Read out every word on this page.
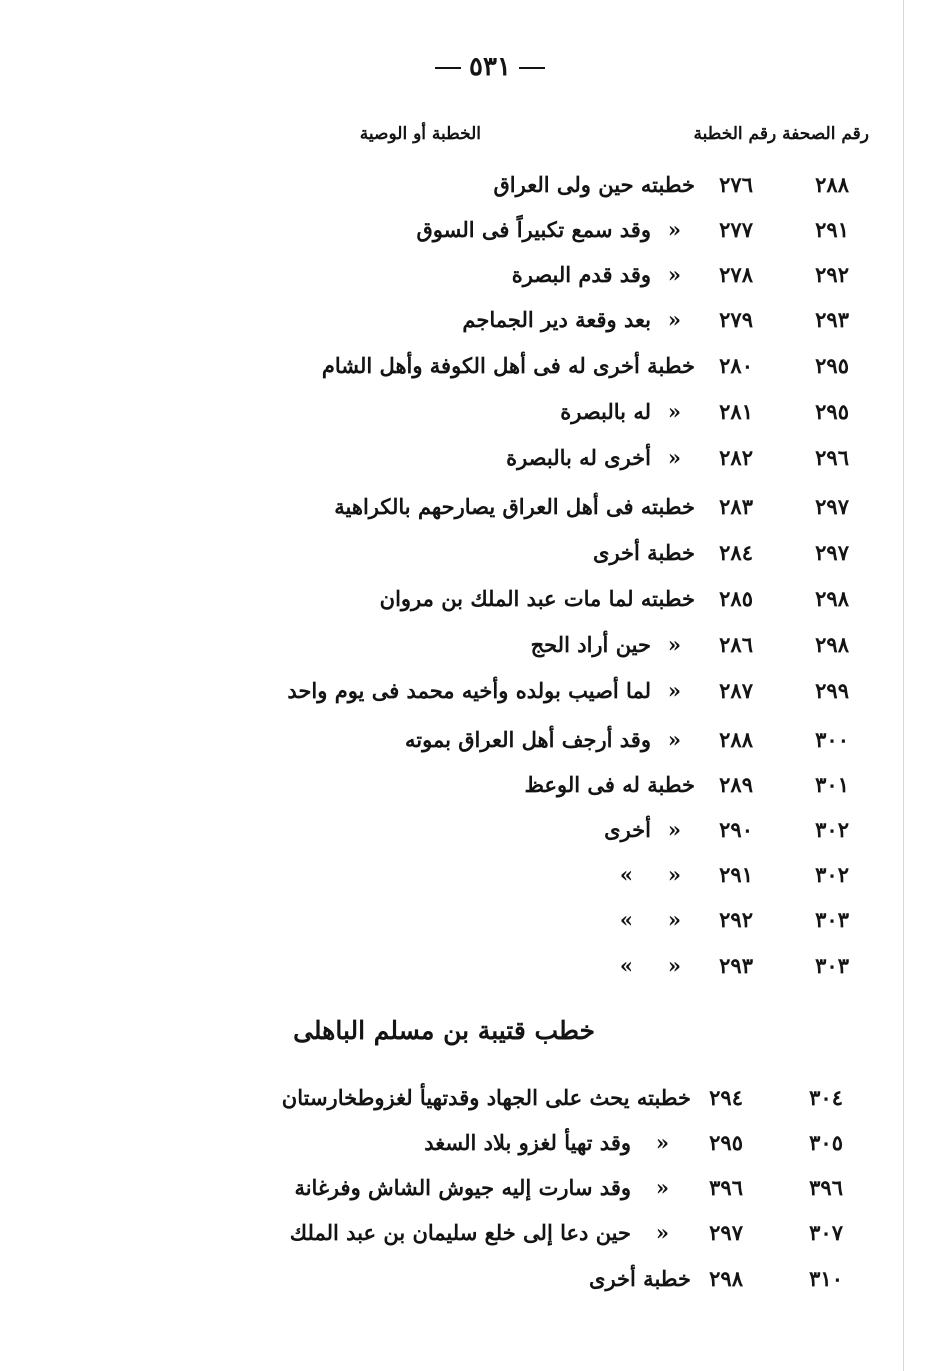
٥٣١
رقم الصحفة رقم الخطبة
الخطبة أو الوصية
٢٨٨
٢٧٦
خطبته حين ولى العراق
٢٩١
٢٧٧
«
وقد سمع تكبيراً فى السوق
٢٩٢
٢٧٨
«
وقد قدم البصرة
٢٩٣
٢٧٩
«
بعد وقعة دير الجماجم
٢٩٥
٢٨٠
خطبة أخرى له فى أهل الكوفة وأهل الشام
٢٩٥
٢٨١
«
له بالبصرة
٢٩٦
٢٨٢
«
أخرى له بالبصرة
٢٩٧
٢٨٣
خطبته فى أهل العراق يصارحهم بالكراهية
٢٩٧
٢٨٤
خطبة أخرى
٢٩٨
٢٨٥
خطبته لما مات عبد الملك بن مروان
٢٩٨
٢٨٦
«
حين أراد الحج
٢٩٩
٢٨٧
«
لما أصيب بولده وأخيه محمد فى يوم واحد
٣٠٠
٢٨٨
«
وقد أرجف أهل العراق بموته
٣٠١
٢٨٩
خطبة له فى الوعظ
٣٠٢
٢٩٠
«
أخرى
٣٠٢
٢٩١
«
»
٣٠٣
٢٩٢
«
»
٣٠٣
٢٩٣
«
»
خطب قتيبة بن مسلم الباهلى
٣٠٤
٢٩٤
خطبته يحث على الجهاد وقدتهيأ لغزوطخارستان
٣٠٥
٢٩٥
«
وقد تهيأ لغزو بلاد السغد
٣٩٦
٣٩٦
«
وقد سارت إليه جيوش الشاش وفرغانة
٣٠٧
٢٩٧
«
حين دعا إلى خلع سليمان بن عبد الملك
٣١٠
٢٩٨
خطبة أخرى
